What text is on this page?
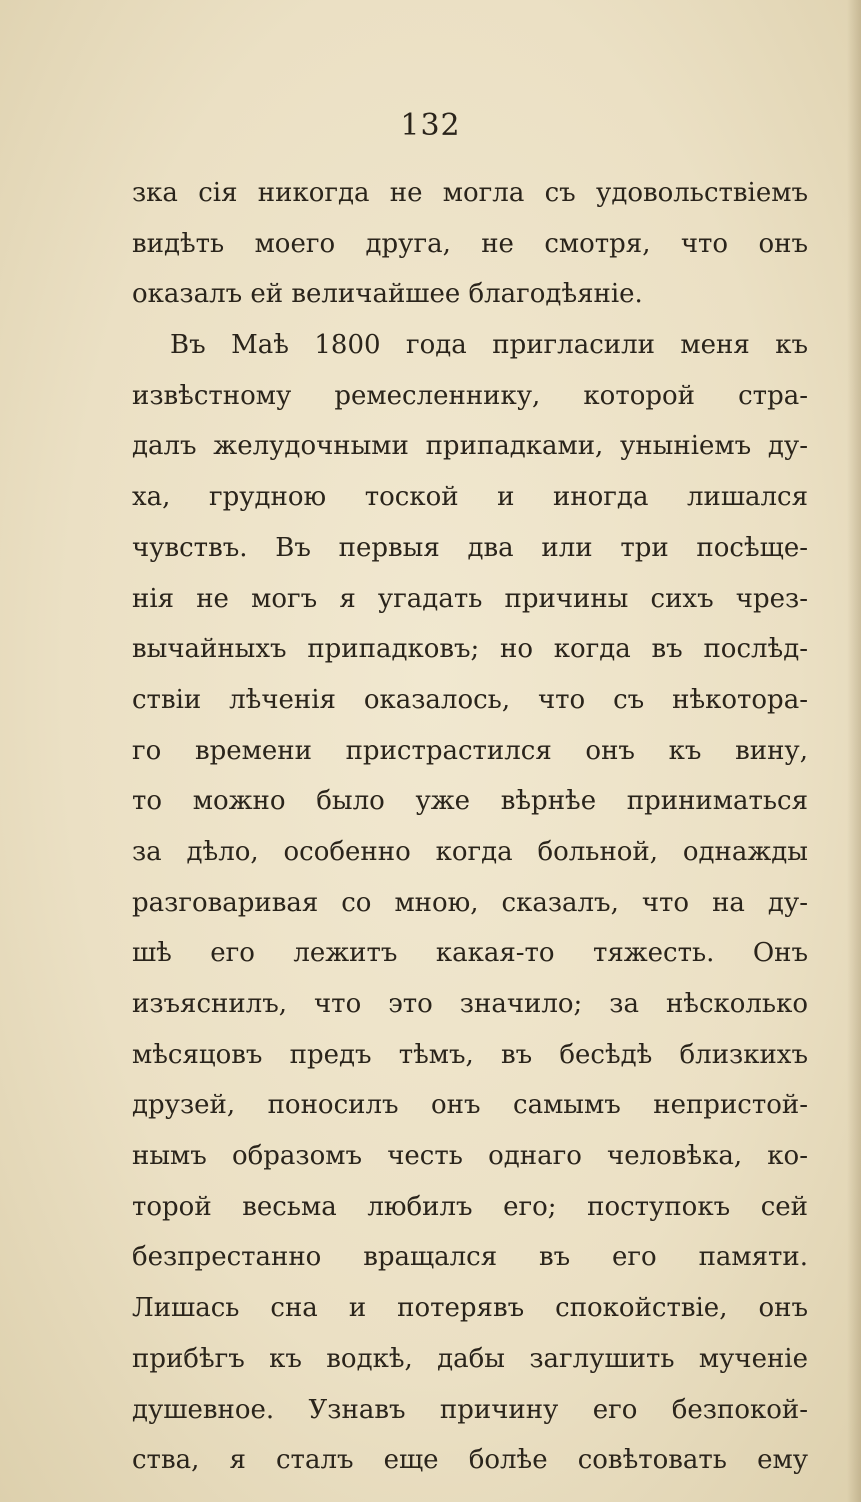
132
зка сія никогда не могла съ удовольствіемъ
видѣть моего друга, не смотря, что онъ
оказалъ ей величайшее благодѣяніе.
Въ Маѣ 1800 года пригласили меня къ
извѣстному ремесленнику, которой стра-
далъ желудочными припадками, уныніемъ ду-
ха, грудною тоской и иногда лишался
чувствъ. Въ первыя два или три посѣще-
нія не могъ я угадать причины сихъ чрез-
вычайныхъ припадковъ; но когда въ послѣд-
ствіи лѣченія оказалось, что съ нѣкотора-
го времени пристрастился онъ къ вину,
то можно было уже вѣрнѣе приниматься
за дѣло, особенно когда больной, однажды
разговаривая со мною, сказалъ, что на ду-
шѣ его лежитъ какая-то тяжесть. Онъ
изъяснилъ, что это значило; за нѣсколько
мѣсяцовъ предъ тѣмъ, въ бесѣдѣ близкихъ
друзей, поносилъ онъ самымъ непристой-
нымъ образомъ честь однаго человѣка, ко-
торой весьма любилъ его; поступокъ сей
безпрестанно вращался въ его памяти.
Лишась сна и потерявъ спокойствіе, онъ
прибѣгъ къ водкѣ, дабы заглушить мученіе
душевное. Узнавъ причину его безпокой-
ства, я сталъ еще болѣе совѣтовать ему
